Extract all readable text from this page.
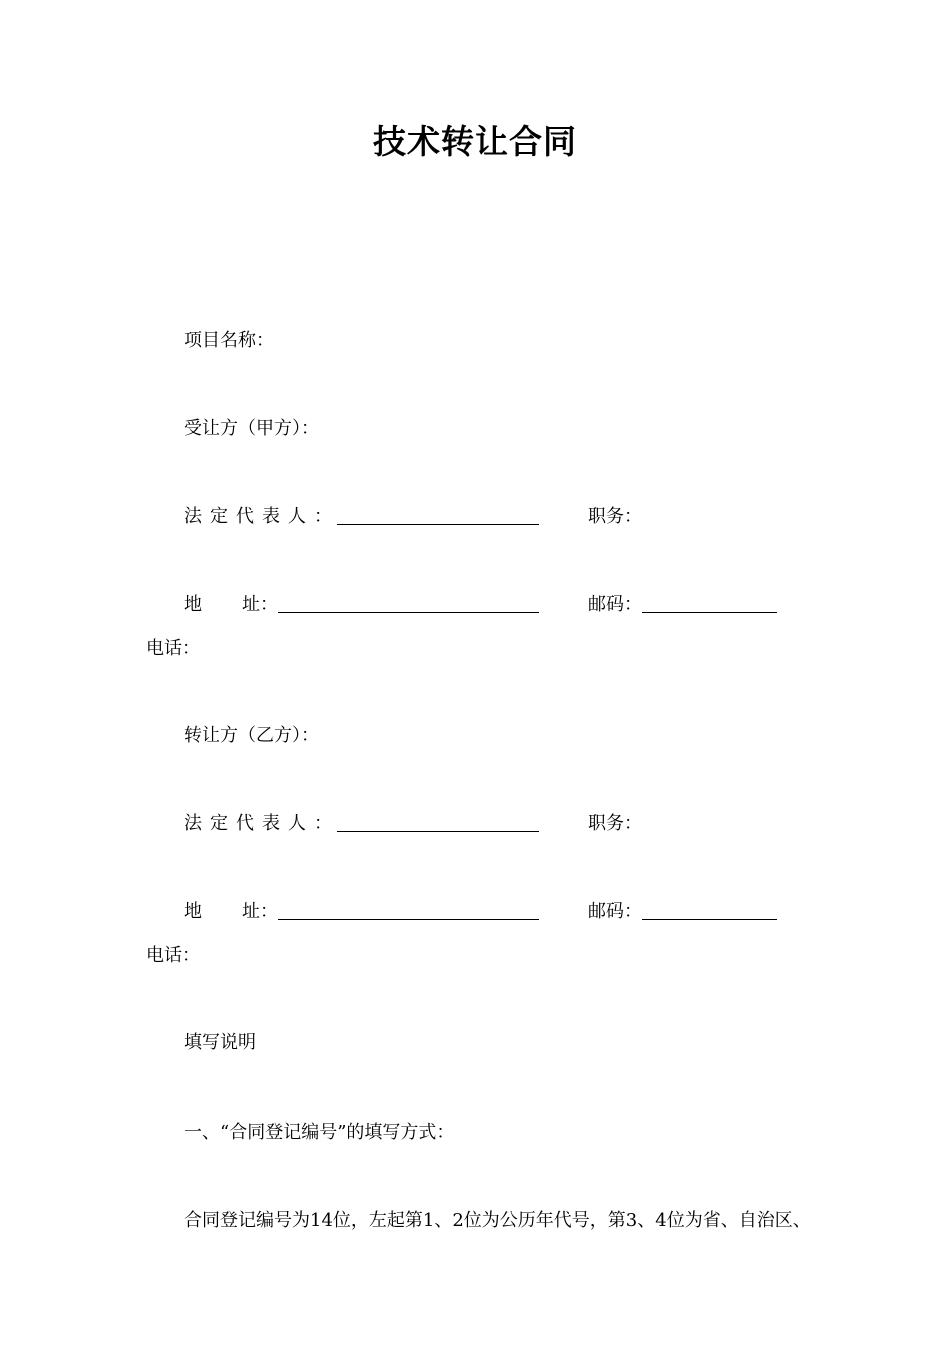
技术转让合同
项目名称：
受让方（甲方）：
法定代表人：	职务：
地 址：	邮码：
电话：
转让方（乙方）：
法定代表人：	职务：
地 址：	邮码：
电话：
填写说明
一、“合同登记编号”的填写方式：
合同登记编号为14位，左起第1、2位为公历年代号，第3、4位为省、自治区、
